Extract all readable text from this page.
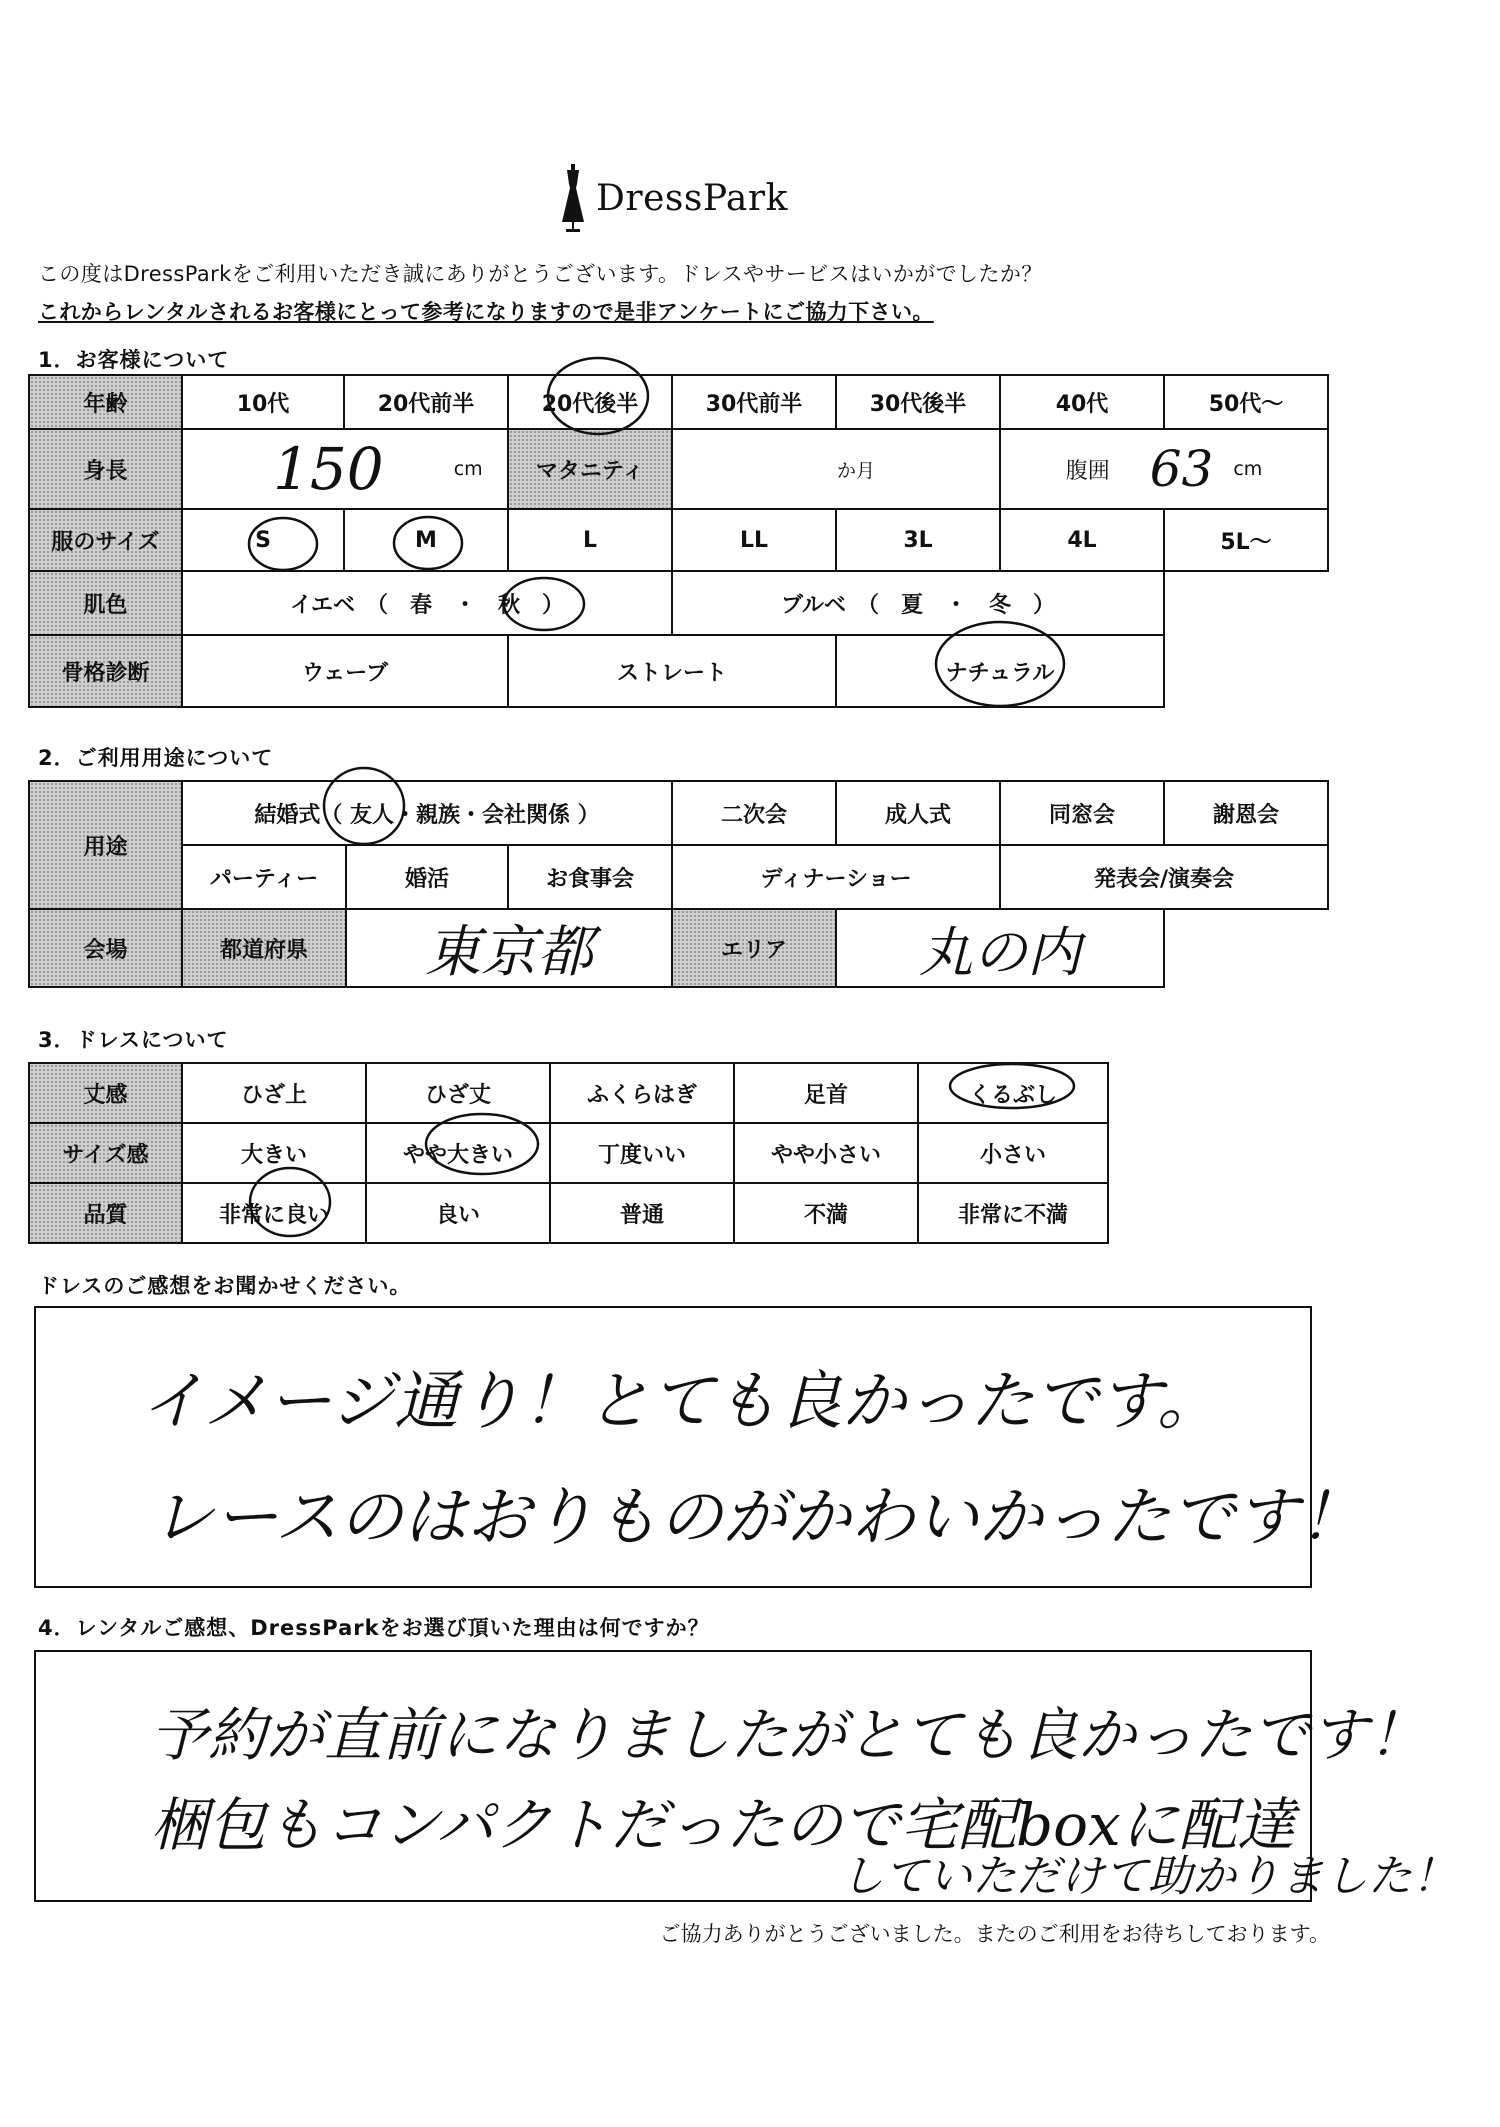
DressPark
この度はDressParkをご利用いただき誠にありがとうございます。ドレスやサービスはいかがでしたか？
これからレンタルされるお客様にとって参考になりますので是非アンケートにご協力下さい。
1．お客様について
年齢	10代	20代前半	20代後半	30代前半	30代後半	40代	50代～
身長	150	cm	マタニティ	か月	腹囲 63 cm
服のサイズ	S	M	L	LL	3L	4L	5L～
肌色	イエベ　（　春　・　秋　）	ブルベ　（　夏　・　冬　）
骨格診断	ウェーブ	ストレート	ナチュラル
2．ご利用用途について
用途
結婚式（ 友人・親族・会社関係 ）	二次会	成人式	同窓会	謝恩会
パーティー	婚活	お食事会	ディナーショー	発表会/演奏会
会場	都道府県	東京都	エリア	丸の内
3．ドレスについて
丈感	ひざ上	ひざ丈	ふくらはぎ	足首	くるぶし
サイズ感	大きい	やや大きい	丁度いい	やや小さい	小さい
品質	非常に良い	良い	普通	不満	非常に不満
ドレスのご感想をお聞かせください。
イメージ通り！とても良かったです。
レースのはおりものがかわいかったです！
4．レンタルご感想、DressParkをお選び頂いた理由は何ですか？
予約が直前になりましたがとても良かったです！
梱包もコンパクトだったので宅配boxに配達
していただけて助かりました！
ご協力ありがとうございました。またのご利用をお待ちしております。
